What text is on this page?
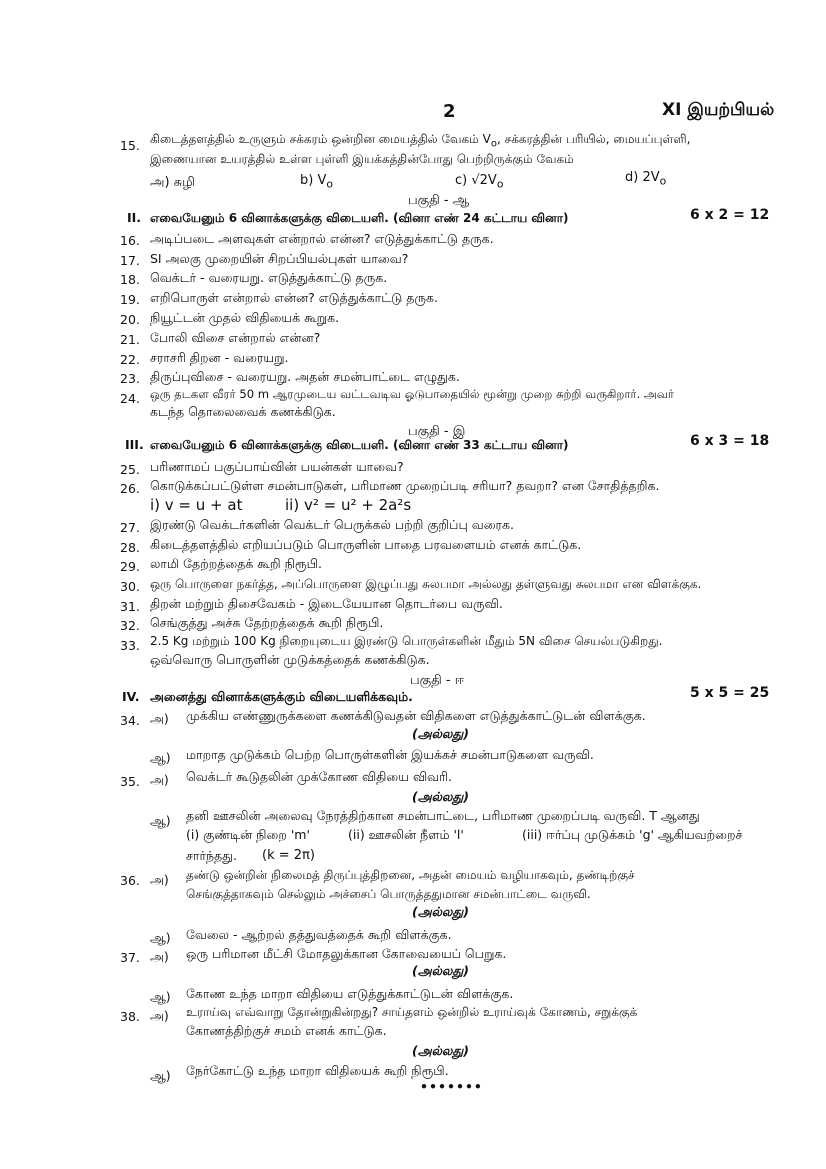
2	XI இயற்பியல்
15. கிடைத்தளத்தில் உருளும் சக்கரம் ஒன்றின மையத்தில் வேகம் $V_o$, சக்கரத்தின் பரியில், மையப்புள்ளி,
இணையான உயரத்தில் உள்ள புள்ளி இயக்கத்தின்போது பெற்றிருக்கும் வேகம்
அ) சுழி	b) $V_o$	c) $√2V_o$	d) $2V_o$
பகுதி - ஆ
II. எவையேனும் 6 வினாக்களுக்கு விடையளி. (வினா எண் 24 கட்டாய வினா)	6 x 2 = 12
16. அடிப்படை அளவுகள் என்றால் என்ன? எடுத்துக்காட்டு தருக.
17. SI அலகு முறையின் சிறப்பியல்புகள் யாவை?
18. வெக்டர் - வரையறு. எடுத்துக்காட்டு தருக.
19. எறிபொருள் என்றால் என்ன? எடுத்துக்காட்டு தருக.
20. நியூட்டன் முதல் விதியைக் கூறுக.
21. போலி விசை என்றால் என்ன?
22. சராசரி திறன - வரையறு.
23. திருப்புவிசை - வரையறு. அதன் சமன்பாட்டை எழுதுக.
24. ஒரு தடகள வீரர் 50 m ஆரமுடைய வட்டவடிவ ஓடுபாதையில் மூன்று முறை சுற்றி வருகிறார். அவர்
கடந்த தொலைவைக் கணக்கிடுக.
பகுதி - இ
III. எவையேனும் 6 வினாக்களுக்கு விடையளி. (வினா எண் 33 கட்டாய வினா)	6 x 3 = 18
25. பரிணாமப் பகுப்பாய்வின் பயன்கள் யாவை?
26. கொடுக்கப்பட்டுள்ள சமன்பாடுகள், பரிமாண முறைப்படி சரியா? தவறா? என சோதித்தறிக.
i) v = u + at	ii) v² = u² + 2a²s
27. இரண்டு வெக்டர்களின் வெக்டர் பெருக்கல் பற்றி குறிப்பு வரைக.
28. கிடைத்தளத்தில் எறியப்படும் பொருளின் பாதை பரவளையம் எனக் காட்டுக.
29. லாமி தேற்றத்தைக் கூறி நிரூபி.
30. ஒரு பொருளை நகர்த்த, அப்பொருளை இழுப்பது சுலபமா அல்லது தள்ளுவது சுலபமா என விளக்குக.
31. திறன் மற்றும் திசைவேகம் - இடையேயான தொடர்பை வருவி.
32. செங்குத்து அச்சு தேற்றத்தைக் கூறி நிரூபி.
33. 2.5 Kg மற்றும் 100 Kg நிறையுடைய இரண்டு பொருள்களின் மீதும் 5N விசை செயல்படுகிறது.
ஒவ்வொரு பொருளின் முடுக்கத்தைக் கணக்கிடுக.
பகுதி - ஈ
IV. அனைத்து வினாக்களுக்கும் விடையளிக்கவும்.	5 x 5 = 25
34. அ) முக்கிய எண்ணுருக்களை கணக்கிடுவதன் விதிகளை எடுத்துக்காட்டுடன் விளக்குக.
(அல்லது)
ஆ) மாறாத முடுக்கம் பெற்ற பொருள்களின் இயக்கச் சமன்பாடுகளை வருவி.
35. அ) வெக்டர் கூடுதலின் முக்கோண விதியை விவரி.
(அல்லது)
ஆ) தனி ஊசலின் அலைவு நேரத்திற்கான சமன்பாட்டை, பரிமாண முறைப்படி வருவி. T ஆனது
(i) குண்டின் நிறை 'm'	(ii) ஊசலின் நீளம் 'l'	(iii) ஈர்ப்பு முடுக்கம் 'g' ஆகியவற்றைச்
சார்ந்தது. (k = 2π)
36. அ) தண்டு ஒன்றின் நிலைமத் திருப்புத்திறனை, அதன் மையம் வழியாகவும், தண்டிற்குச்
செங்குத்தாகவும் செல்லும் அச்சைப் பொருத்ததுமான சமன்பாட்டை வருவி.
(அல்லது)
ஆ) வேலை - ஆற்றல் தத்துவத்தைக் கூறி விளக்குக.
37. அ) ஒரு பரிமான மீட்சி மோதலுக்கான கோவையைப் பெறுக.
(அல்லது)
ஆ) கோண உந்த மாறா விதியை எடுத்துக்காட்டுடன் விளக்குக.
38. அ) உராய்வு எவ்வாறு தோன்றுகின்றது? சாய்தளம் ஒன்றில் உராய்வுக் கோணம், சறுக்குக்
கோணத்திற்குச் சமம் எனக் காட்டுக.
(அல்லது)
ஆ) நேர்கோட்டு உந்த மாறா விதியைக் கூறி நிரூபி.
•••••••
